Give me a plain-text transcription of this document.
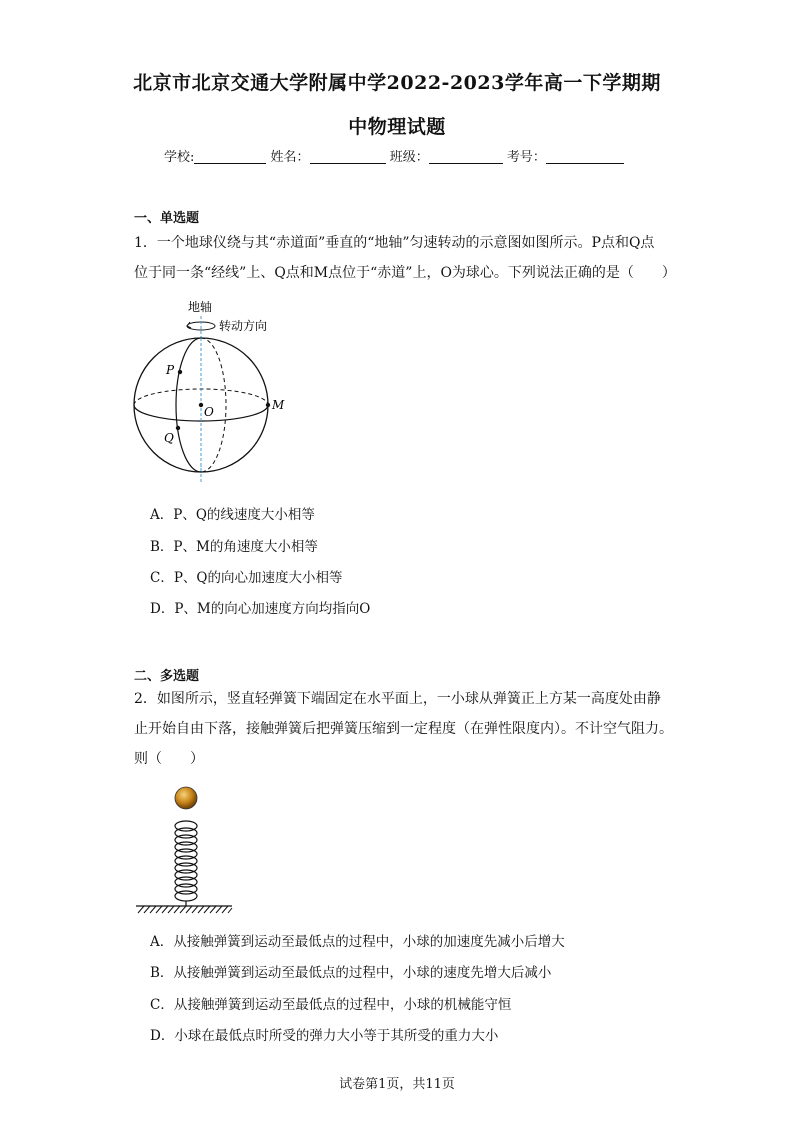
北京市北京交通大学附属中学2022-2023学年高一下学期期
中物理试题
学校:	姓名：	班级：	考号：
一、单选题
1．一个地球仪绕与其“赤道面”垂直的“地轴”匀速转动的示意图如图所示。P点和Q点
位于同一条“经线”上、Q点和M点位于“赤道”上，O为球心。下列说法正确的是（　　）
地轴
转动方向
P
Q
O	M
A．P、Q的线速度大小相等
B．P、M的角速度大小相等
C．P、Q的向心加速度大小相等
D．P、M的向心加速度方向均指向O
二、多选题
2．如图所示，竖直轻弹簧下端固定在水平面上，一小球从弹簧正上方某一高度处由静
止开始自由下落，接触弹簧后把弹簧压缩到一定程度（在弹性限度内）。不计空气阻力。
则（　　）
A．从接触弹簧到运动至最低点的过程中，小球的加速度先减小后增大
B．从接触弹簧到运动至最低点的过程中，小球的速度先增大后减小
C．从接触弹簧到运动至最低点的过程中，小球的机械能守恒
D．小球在最低点时所受的弹力大小等于其所受的重力大小
试卷第1页，共11页
